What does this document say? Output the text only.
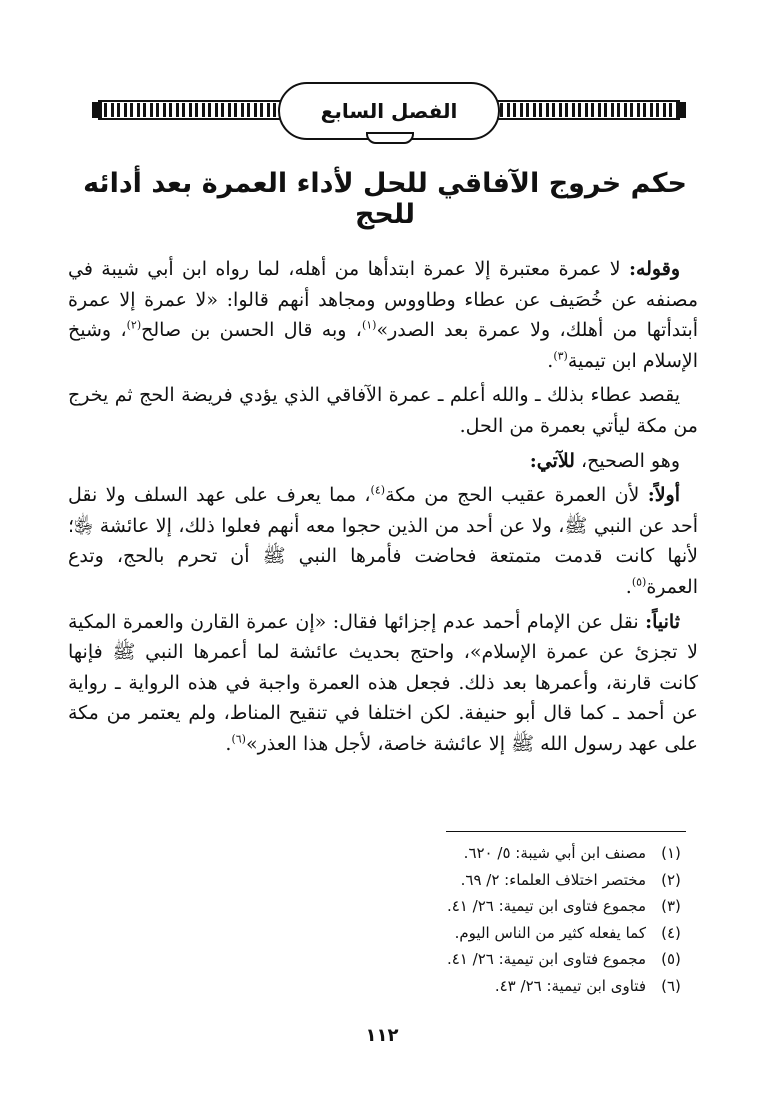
الفصل السابع
حكم خروج الآفاقي للحل لأداء العمرة بعد أدائه للحج

وقوله: لا عمرة معتبرة إلا عمرة ابتدأها من أهله، لما رواه ابن أبي شيبة في مصنفه عن خُصَيف عن عطاء وطاووس ومجاهد أنهم قالوا: «لا عمرة إلا عمرة أبتدأتها من أهلك، ولا عمرة بعد الصدر»$^{(١)}$، وبه قال الحسن بن صالح$^{(٢)}$، وشيخ الإسلام ابن تيمية$^{(٣)}$.

يقصد عطاء بذلك ـ والله أعلم ـ عمرة الآفاقي الذي يؤدي فريضة الحج ثم يخرج من مكة ليأتي بعمرة من الحل.

وهو الصحيح، للآتي:

أولاً: لأن العمرة عقيب الحج من مكة$^{(٤)}$، مما يعرف على عهد السلف ولا نقل أحد عن النبي ﷺ، ولا عن أحد من الذين حجوا معه أنهم فعلوا ذلك، إلا عائشة ﵂؛ لأنها كانت قدمت متمتعة فحاضت فأمرها النبي ﷺ أن تحرم بالحج، وتدع العمرة$^{(٥)}$.

ثانياً: نقل عن الإمام أحمد عدم إجزائها فقال: «إن عمرة القارن والعمرة المكية لا تجزئ عن عمرة الإسلام»، واحتج بحديث عائشة لما أعمرها النبي ﷺ فإنها كانت قارنة، وأعمرها بعد ذلك. فجعل هذه العمرة واجبة في هذه الرواية ـ رواية عن أحمد ـ كما قال أبو حنيفة. لكن اختلفا في تنقيح المناط، ولم يعتمر من مكة على عهد رسول الله ﷺ إلا عائشة خاصة، لأجل هذا العذر»$^{(٦)}$.

(١)
مصنف ابن أبي شيبة: ٥/ ٦٢٠.
(٢)
مختصر اختلاف العلماء: ٢/ ٦٩.
(٣)
مجموع فتاوى ابن تيمية: ٢٦/ ٤١.
(٤)
كما يفعله كثير من الناس اليوم.
(٥)
مجموع فتاوى ابن تيمية: ٢٦/ ٤١.
(٦)
فتاوى ابن تيمية: ٢٦/ ٤٣.
١١٢
